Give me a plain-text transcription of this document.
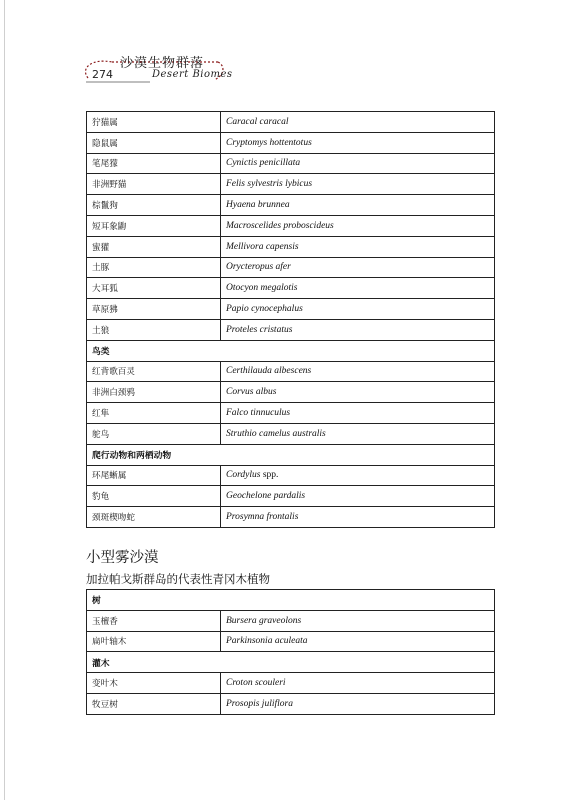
沙漠生物群落
274	Desert Biomes
狞猫属	Caracal caracal
隐鼠属	Cryptomys hottentotus
笔尾獴	Cynictis penicillata
非洲野猫	Felis sylvestris lybicus
棕鬣狗	Hyaena brunnea
短耳象鼩	Macroscelides proboscideus
蜜獾	Mellivora capensis
土豚	Orycteropus afer
大耳狐	Otocyon megalotis
草原狒	Papio cynocephalus
土狼	Proteles cristatus
鸟类	
红背歌百灵	Certhilauda albescens
非洲白颈鸦	Corvus albus
红隼	Falco tinnuculus
鸵鸟	Struthio camelus australis
爬行动物和两栖动物	
环尾蜥属	Cordylus spp.
豹龟	Geochelone pardalis
颈斑楔吻蛇	Prosymna frontalis
小型雾沙漠
加拉帕戈斯群岛的代表性青冈木植物
树	
玉檀香	Bursera graveolons
扁叶轴木	Parkinsonia aculeata
灌木	
变叶木	Croton scouleri
牧豆树	Prosopis juliflora
